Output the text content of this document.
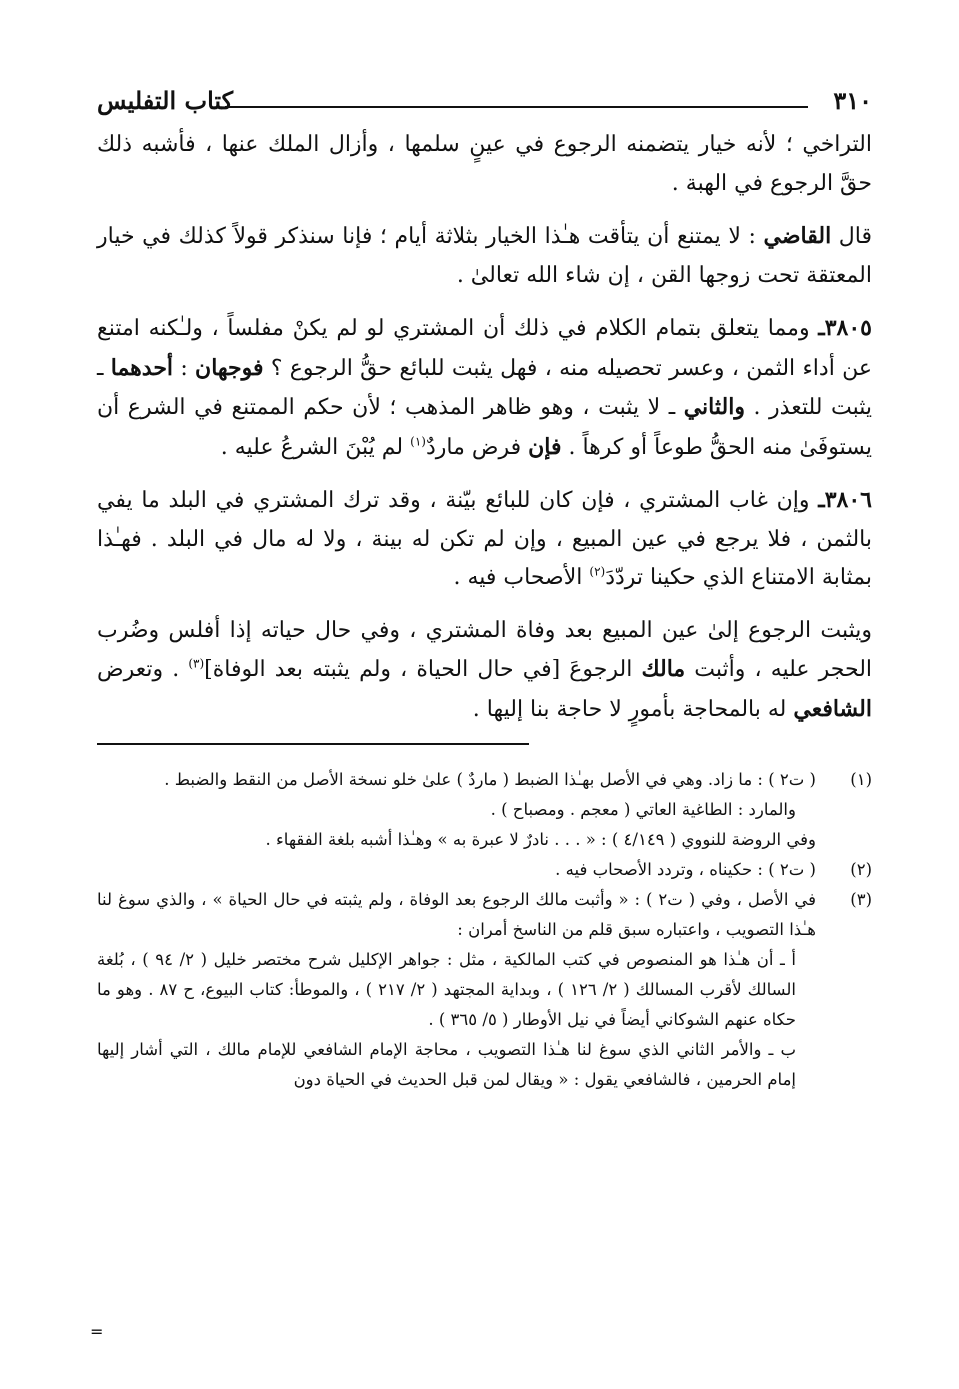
٣١٠
كتاب التفليس

التراخي ؛ لأنه خيار يتضمنه الرجوع في عينٍ سلمها ، وأزال الملك عنها ، فأشبه ذلك حقَّ الرجوع في الهبة .

قال القاضي : لا يمتنع أن يتأقت هـٰذا الخيار بثلاثة أيام ؛ فإنا سنذكر قولاً كذلك في خيار المعتقة تحت زوجها القن ، إن شاء الله تعالىٰ .

٣٨٠٥ـ ومما يتعلق بتمام الكلام في ذلك أن المشتري لو لم يكنْ مفلساً ، ولـٰكنه امتنع عن أداء الثمن ، وعسر تحصيله منه ، فهل يثبت للبائع حقُّ الرجوع ؟ فوجهان : أحدهما ـ يثبت للتعذر . والثاني ـ لا يثبت ، وهو ظاهر المذهب ؛ لأن حكم الممتنع في الشرع أن يستوفَىٰ منه الحقُّ طوعاً أو كرهاً . فإن فرض ماردٌ$^{(١)}$ لم يُبْنَ الشرعُ عليه .

٣٨٠٦ـ وإن غاب المشتري ، فإن كان للبائع بيّنة ، وقد ترك المشتري في البلد ما يفي بالثمن ، فلا يرجع في عين المبيع ، وإن لم تكن له بينة ، ولا له مال في البلد . فهـٰذا بمثابة الامتناع الذي حكينا تردّدَ$^{(٢)}$ الأصحاب فيه .

ويثبت الرجوع إلىٰ عين المبيع بعد وفاة المشتري ، وفي حال حياته إذا أفلس وضُرب الحجر عليه ، وأثبت مالك الرجوعَ [في حال الحياة ، ولم يثبته بعد الوفاة]$^{(٣)}$ . وتعرض الشافعي له بالمحاجة بأمورٍ لا حاجة بنا إليها .

(١)
( ت٢ ) : ما زاد. وهي في الأصل بهـٰذا الضبط ( ماردٌ ) علىٰ خلو نسخة الأصل من النقط والضبط .
والمارد : الطاغية العاتي ( معجم . ومصباح ) .
وفي الروضة للنووي ( ٤/١٤٩ ) : « . . . نادرٌ لا عبرة به » وهـٰذا أشبه بلغة الفقهاء .
(٢)
( ت٢ ) : حكيناه ، وتردد الأصحاب فيه .
(٣)
في الأصل ، وفي ( ت٢ ) : « وأثبت مالك الرجوع بعد الوفاة ، ولم يثبته في حال الحياة » ، والذي سوغ لنا هـٰذا التصويب ، واعتباره سبق قلم من الناسخ أمران :
أ ـ أن هـٰذا هو المنصوص في كتب المالكية ، مثل : جواهر الإكليل شرح مختصر خليل ( ٢/ ٩٤ ) ، بُلغة السالك لأقرب المسالك ( ٢/ ١٢٦ ) ، وبداية المجتهد ( ٢/ ٢١٧ ) ، والموطأ: كتاب البيوع، ح ٨٧ . وهو ما حكاه عنهم الشوكاني أيضاً في نيل الأوطار ( ٥/ ٣٦٥ ) .
ب ـ والأمر الثاني الذي سوغ لنا هـٰذا التصويب ، محاجة الإمام الشافعي للإمام مالك ، التي أشار إليها إمام الحرمين ، فالشافعي يقول : « ويقال لمن قبل الحديث في الحياة دون
=
